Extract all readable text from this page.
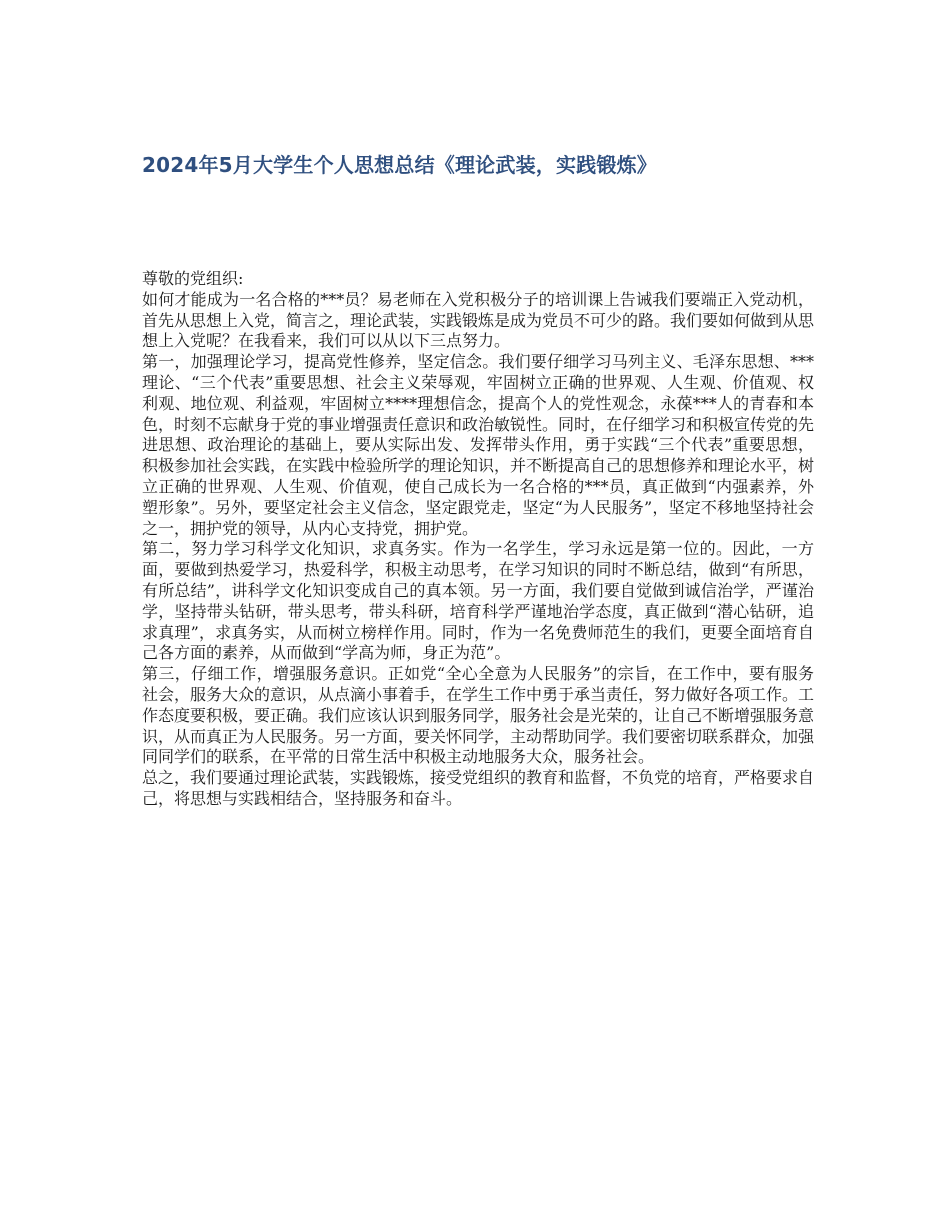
2024年5月大学生个人思想总结《理论武装，实践锻炼》

尊敬的党组织:

如何才能成为一名合格的***员？易老师在入党积极分子的培训课上告诫我们要端正入党动机，首先从思想上入党，简言之，理论武装，实践锻炼是成为党员不可少的路。我们要如何做到从思想上入党呢？在我看来，我们可以从以下三点努力。

第一，加强理论学习，提高党性修养，坚定信念。我们要仔细学习马列主义、毛泽东思想、***理论、“三个代表”重要思想、社会主义荣辱观，牢固树立正确的世界观、人生观、价值观、权利观、地位观、利益观，牢固树立****理想信念，提高个人的党性观念，永葆***人的青春和本色，时刻不忘献身于党的事业增强责任意识和政治敏锐性。同时，在仔细学习和积极宣传党的先进思想、政治理论的基础上，要从实际出发、发挥带头作用，勇于实践“三个代表”重要思想，积极参加社会实践，在实践中检验所学的理论知识，并不断提高自己的思想修养和理论水平，树立正确的世界观、人生观、价值观，使自己成长为一名合格的***员，真正做到“内强素养，外塑形象”。另外，要坚定社会主义信念，坚定跟党走，坚定“为人民服务”，坚定不移地坚持社会之一，拥护党的领导，从内心支持党，拥护党。

第二，努力学习科学文化知识，求真务实。作为一名学生，学习永远是第一位的。因此，一方面，要做到热爱学习，热爱科学，积极主动思考，在学习知识的同时不断总结，做到“有所思，有所总结”，讲科学文化知识变成自己的真本领。另一方面，我们要自觉做到诚信治学，严谨治学，坚持带头钻研，带头思考，带头科研，培育科学严谨地治学态度，真正做到“潜心钻研，追求真理”，求真务实，从而树立榜样作用。同时，作为一名免费师范生的我们，更要全面培育自己各方面的素养，从而做到“学高为师，身正为范”。

第三，仔细工作，增强服务意识。正如党“全心全意为人民服务”的宗旨，在工作中，要有服务社会，服务大众的意识，从点滴小事着手，在学生工作中勇于承当责任，努力做好各项工作。工作态度要积极，要正确。我们应该认识到服务同学，服务社会是光荣的，让自己不断增强服务意识，从而真正为人民服务。另一方面，要关怀同学，主动帮助同学。我们要密切联系群众，加强同同学们的联系，在平常的日常生活中积极主动地服务大众，服务社会。

总之，我们要通过理论武装，实践锻炼，接受党组织的教育和监督，不负党的培育，严格要求自己，将思想与实践相结合，坚持服务和奋斗。
